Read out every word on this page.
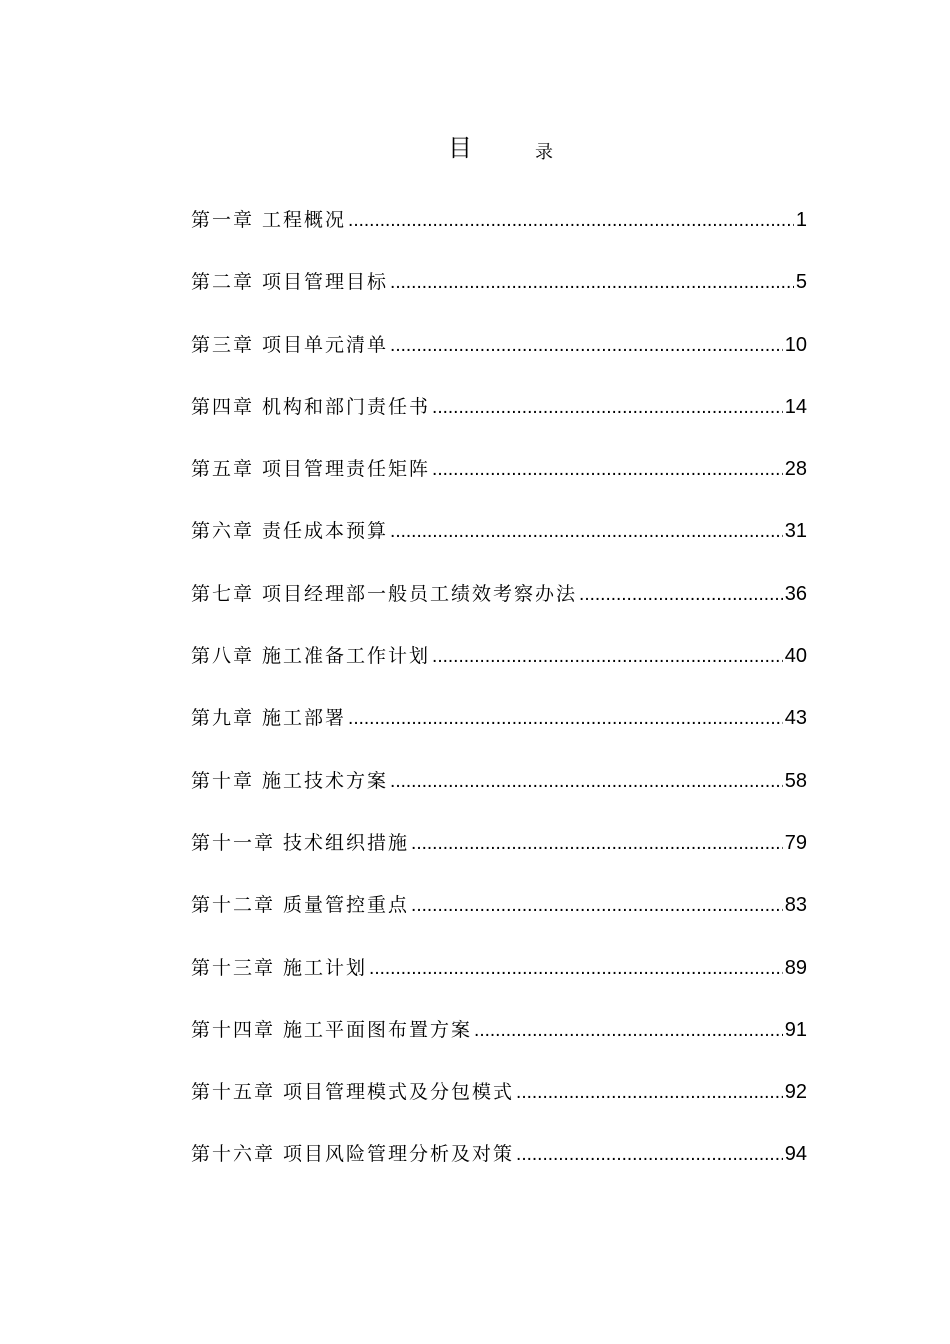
目	录
第一章 工程概况 .....	1
第二章 项目管理目标 .....	5
第三章 项目单元清单 .....	10
第四章 机构和部门责任书 .....	14
第五章 项目管理责任矩阵 .....	28
第六章 责任成本预算 .....	31
第七章 项目经理部一般员工绩效考察办法 .....	36
第八章 施工准备工作计划 .....	40
第九章 施工部署 .....	43
第十章 施工技术方案 .....	58
第十一章 技术组织措施 .....	79
第十二章 质量管控重点 .....	83
第十三章 施工计划 .....	89
第十四章 施工平面图布置方案 .....	91
第十五章 项目管理模式及分包模式 .....	92
第十六章 项目风险管理分析及对策 .....	94
